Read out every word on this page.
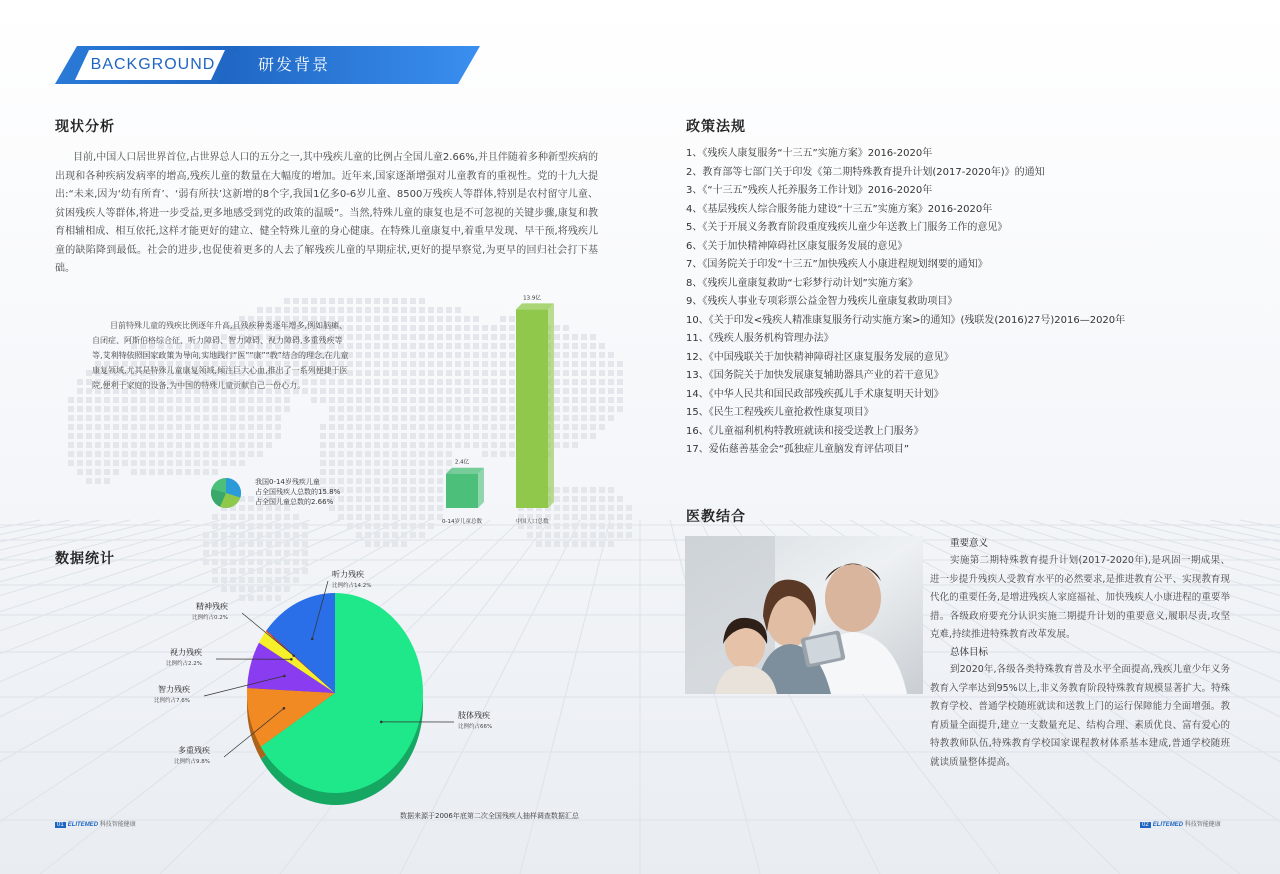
BACKGROUND	研发背景
现状分析
目前,中国人口居世界首位,占世界总人口的五分之一,其中残疾儿童的比例占全国儿童2.66%,并且伴随着多种新型疾病的出现和各种疾病发病率的增高,残疾儿童的数量在大幅度的增加。近年来,国家逐渐增强对儿童教育的重视性。党的十九大提出:“未来,因为‘幼有所育’、‘弱有所扶’这新增的8个字,我国1亿多0-6岁儿童、8500万残疾人等群体,特别是农村留守儿童、贫困残疾人等群体,将进一步受益,更多地感受到党的政策的温暖”。当然,特殊儿童的康复也是不可忽视的关键步骤,康复和教育相辅相成、相互依托,这样才能更好的建立、健全特殊儿童的身心健康。在特殊儿童康复中,着重早发现、早干预,将残疾儿童的缺陷降到最低。社会的进步,也促使着更多的人去了解残疾儿童的早期症状,更好的提早察觉,为更早的回归社会打下基础。
目前特殊儿童的残疾比例逐年升高,且残疾种类逐年增多,例如脑瘫、自闭症、阿斯伯格综合征、听力障碍、智力障碍、视力障碍,多重残疾等等,艾利特依照国家政策为导向,实地践行“医”“康”“教”结合的理念,在儿童康复领域,尤其是特殊儿童康复领域,倾注巨大心血,推出了一系列便捷于医院,便利于家庭的设备,为中国的特殊儿童贡献自己一份心力。
我国0-14岁残疾儿童
占全国残疾人总数的15.8%
占全国儿童总数的2.66%
2.4亿
0-14岁儿童总数
13.9亿
中国人口总数
数据统计
肢体残疾
比例约占66%
多重残疾
比例约占9.8%
智力残疾
比例约占7.6%
视力残疾
比例约占2.2%
精神残疾
比例约占0.2%
听力残疾
比例约占14.2%
数据来源于2006年底第二次全国残疾人抽样调查数据汇总
01 ELITEMED 科技智能健康
政策法规
1、《残疾人康复服务“十三五”实施方案》2016-2020年
2、教育部等七部门关于印发《第二期特殊教育提升计划(2017-2020年)》的通知
3、《“十三五”残疾人托养服务工作计划》2016-2020年
4、《基层残疾人综合服务能力建设“十三五”实施方案》2016-2020年
5、《关于开展义务教育阶段重度残疾儿童少年送教上门服务工作的意见》
6、《关于加快精神障碍社区康复服务发展的意见》
7、《国务院关于印发“十三五”加快残疾人小康进程规划纲要的通知》
8、《残疾儿童康复救助“七彩梦行动计划”实施方案》
9、《残疾人事业专项彩票公益金智力残疾儿童康复救助项目》
10、《关于印发<残疾人精准康复服务行动实施方案>的通知》(残联发(2016)27号)2016—2020年
11、《残疾人服务机构管理办法》
12、《中国残联关于加快精神障碍社区康复服务发展的意见》
13、《国务院关于加快发展康复辅助器具产业的若干意见》
14、《中华人民共和国民政部残疾孤儿手术康复明天计划》
15、《民生工程残疾儿童抢救性康复项目》
16、《儿童福利机构特教班就读和接受送教上门服务》
17、爱佑慈善基金会“孤独症儿童脑发育评估项目”
医教结合
重要意义
实施第二期特殊教育提升计划(2017-2020年),是巩固一期成果、进一步提升残疾人受教育水平的必然要求,是推进教育公平、实现教育现代化的重要任务,是增进残疾人家庭福祉、加快残疾人小康进程的重要举措。各级政府要充分认识实施二期提升计划的重要意义,履职尽责,攻坚克难,持续推进特殊教育改革发展。
总体目标
到2020年,各级各类特殊教育普及水平全面提高,残疾儿童少年义务教育入学率达到95%以上,非义务教育阶段特殊教育规模显著扩大。特殊教育学校、普通学校随班就读和送教上门的运行保障能力全面增强。教育质量全面提升,建立一支数量充足、结构合理、素质优良、富有爱心的特教教师队伍,特殊教育学校国家课程教材体系基本建成,普通学校随班就读质量整体提高。
02 ELITEMED 科技智能健康
